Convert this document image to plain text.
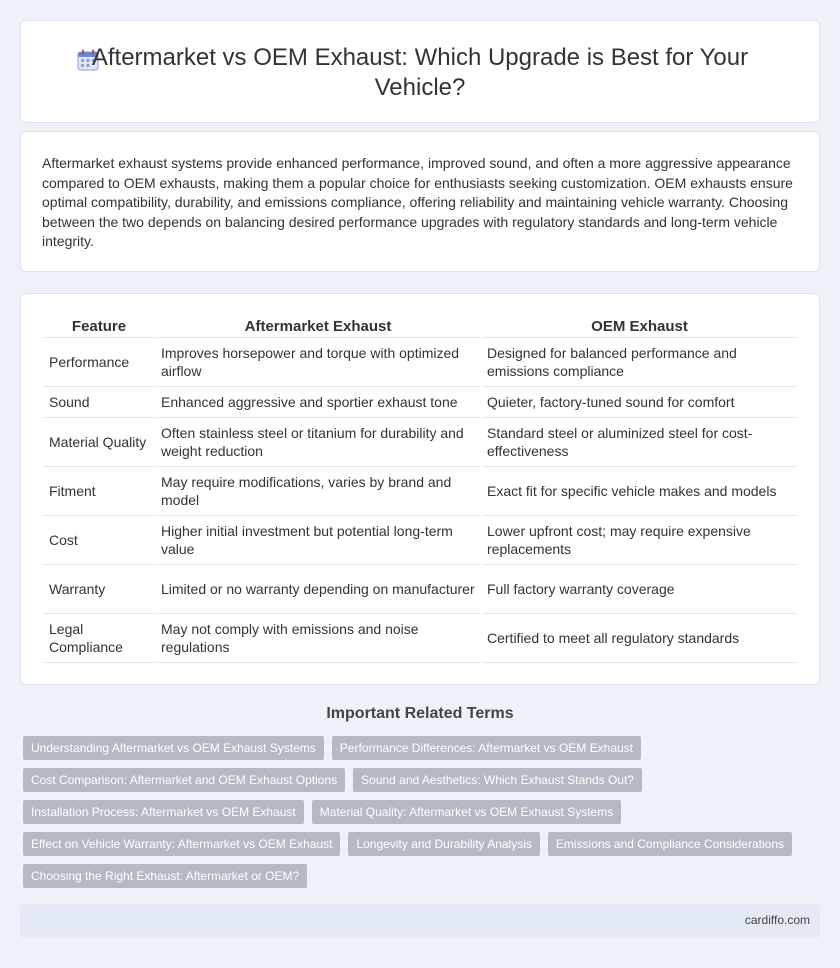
Aftermarket vs OEM Exhaust: Which Upgrade is Best for Your Vehicle?

Aftermarket exhaust systems provide enhanced performance, improved sound, and often a more aggressive appearance compared to OEM exhausts, making them a popular choice for enthusiasts seeking customization. OEM exhausts ensure optimal compatibility, durability, and emissions compliance, offering reliability and maintaining vehicle warranty. Choosing between the two depends on balancing desired performance upgrades with regulatory standards and long-term vehicle integrity.

Feature	Aftermarket Exhaust	OEM Exhaust
Performance	Improves horsepower and torque with optimized airflow	Designed for balanced performance and emissions compliance
Sound	Enhanced aggressive and sportier exhaust tone	Quieter, factory-tuned sound for comfort
Material Quality	Often stainless steel or titanium for durability and weight reduction	Standard steel or aluminized steel for cost-effectiveness
Fitment	May require modifications, varies by brand and model	Exact fit for specific vehicle makes and models
Cost	Higher initial investment but potential long-term value	Lower upfront cost; may require expensive replacements
Warranty	Limited or no warranty depending on manufacturer	Full factory warranty coverage
Legal Compliance	May not comply with emissions and noise regulations	Certified to meet all regulatory standards
Important Related Terms
Understanding Aftermarket vs OEM Exhaust Systems	Performance Differences: Aftermarket vs OEM Exhaust
Cost Comparison: Aftermarket and OEM Exhaust Options	Sound and Aesthetics: Which Exhaust Stands Out?
Installation Process: Aftermarket vs OEM Exhaust	Material Quality: Aftermarket vs OEM Exhaust Systems
Effect on Vehicle Warranty: Aftermarket vs OEM Exhaust	Longevity and Durability Analysis	Emissions and Compliance Considerations
Choosing the Right Exhaust: Aftermarket or OEM?
cardiffo.com
